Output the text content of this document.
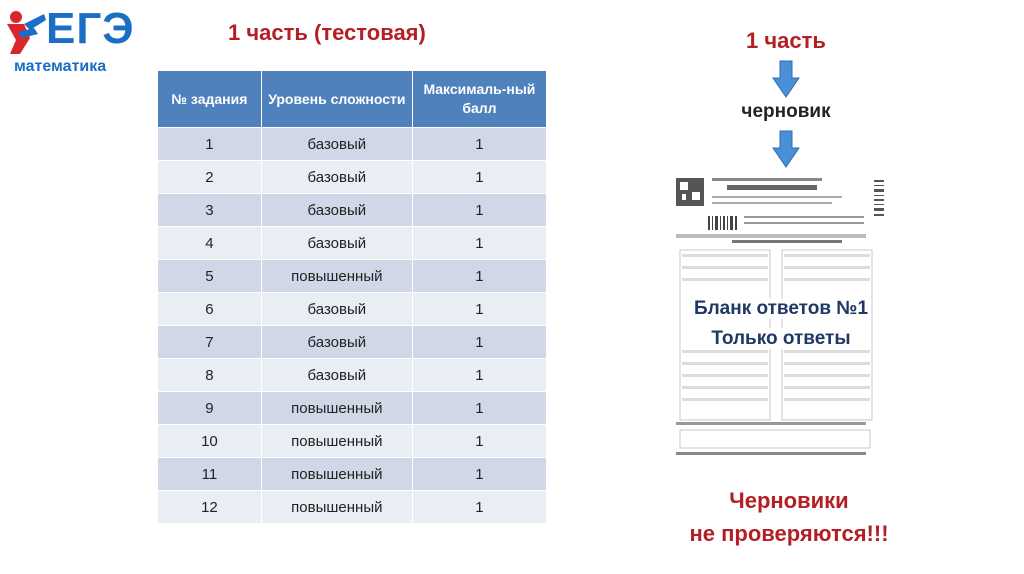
ЕГЭ
математика
1 часть (тестовая)
№ задания	Уровень сложности	Максималь-ный балл
1	базовый	1
2	базовый	1
3	базовый	1
4	базовый	1
5	повышенный	1
6	базовый	1
7	базовый	1
8	базовый	1
9	повышенный	1
10	повышенный	1
11	повышенный	1
12	повышенный	1
1 часть
черновик
Бланк ответов №1
Только ответы
Черновики
не проверяются!!!
